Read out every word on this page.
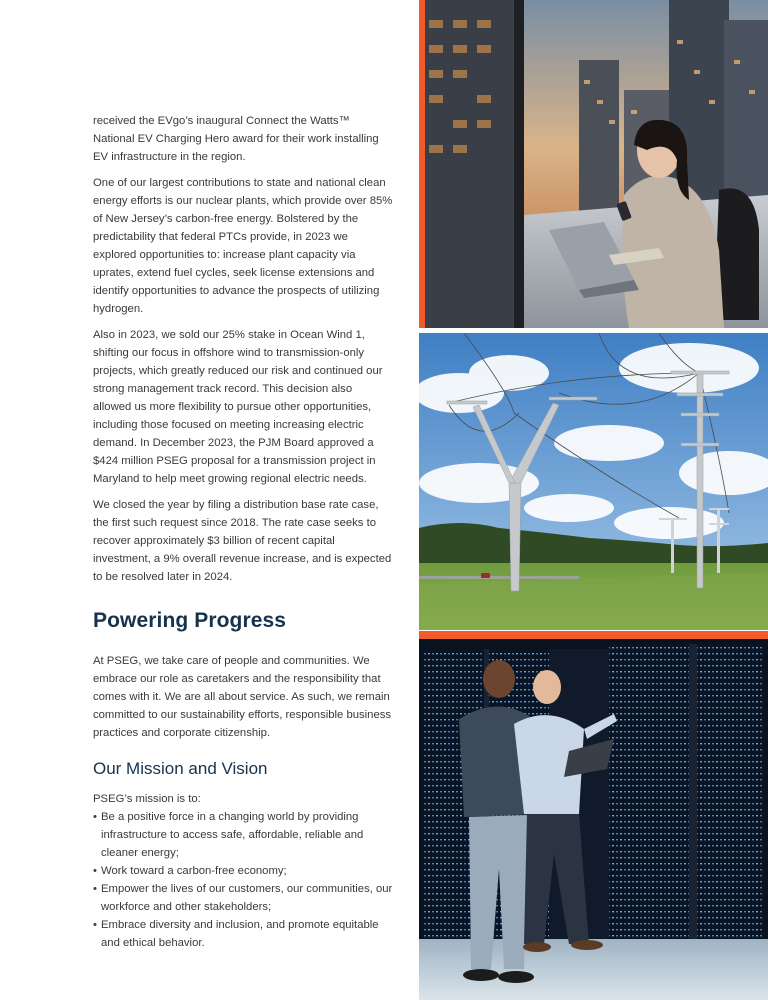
received the EVgo’s inaugural Connect the Watts™ National EV Charging Hero award for their work installing EV infrastructure in the region.

One of our largest contributions to state and national clean energy efforts is our nuclear plants, which provide over 85% of New Jersey’s carbon-free energy. Bolstered by the predictability that federal PTCs provide, in 2023 we explored opportunities to: increase plant capacity via uprates, extend fuel cycles, seek license extensions and identify opportunities to advance the prospects of utilizing hydrogen.

Also in 2023, we sold our 25% stake in Ocean Wind 1, shifting our focus in offshore wind to transmission-only projects, which greatly reduced our risk and continued our strong management track record. This decision also allowed us more flexibility to pursue other opportunities, including those focused on meeting increasing electric demand. In December 2023, the PJM Board approved a $424 million PSEG proposal for a transmission project in Maryland to help meet growing regional electric needs.

We closed the year by filing a distribution base rate case, the first such request since 2018. The rate case seeks to recover approximately $3 billion of recent capital investment, a 9% overall revenue increase, and is expected to be resolved later in 2024.

Powering Progress

At PSEG, we take care of people and communities. We embrace our role as caretakers and the responsibility that comes with it. We are all about service. As such, we remain committed to our sustainability efforts, responsible business practices and corporate citizenship.

Our Mission and Vision

PSEG’s mission is to:

• Be a positive force in a changing world by providing infrastructure to access safe, affordable, reliable and cleaner energy;
• Work toward a carbon-free economy;
• Empower the lives of our customers, our communities, our workforce and other stakeholders;
• Embrace diversity and inclusion, and promote equitable and ethical behavior.
